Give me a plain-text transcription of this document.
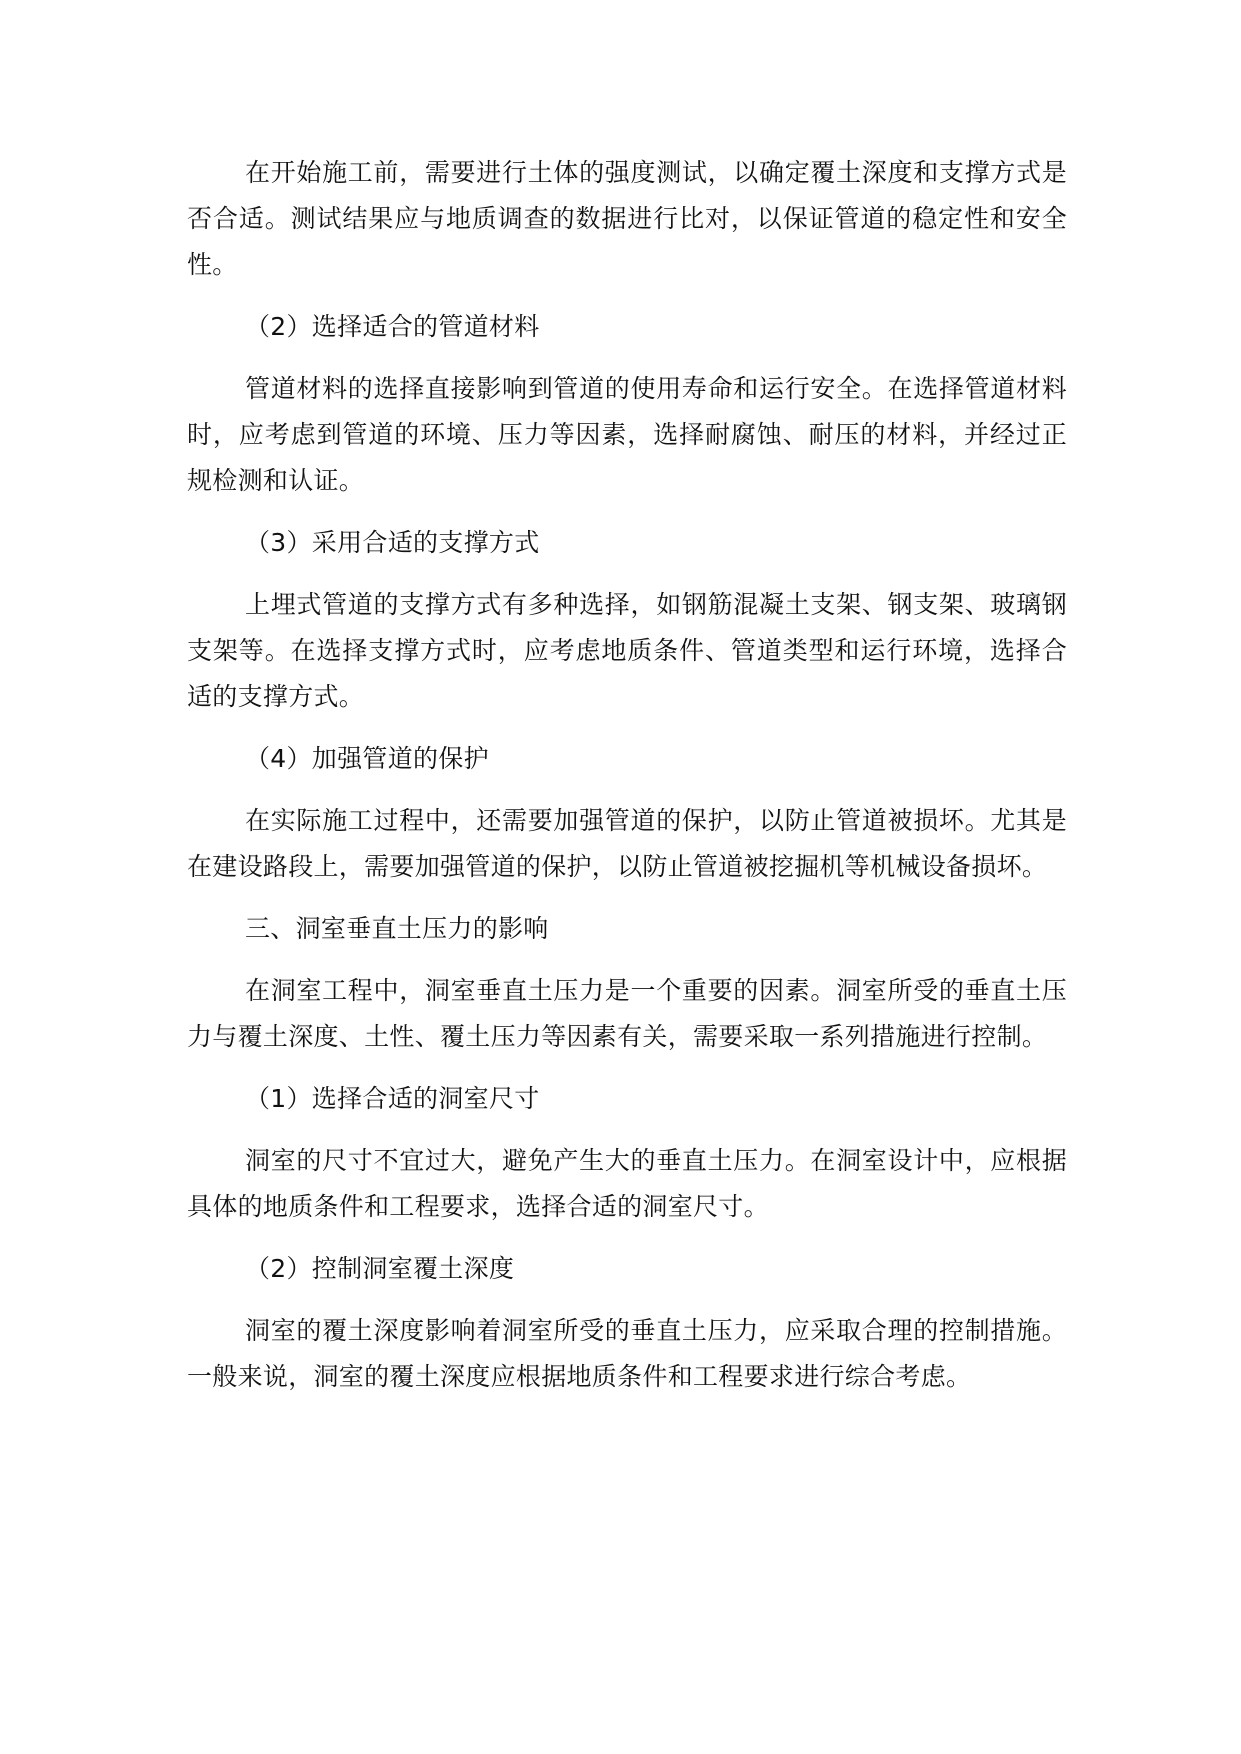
在开始施工前，需要进行土体的强度测试，以确定覆土深度和支撑方式是否合适。测试结果应与地质调查的数据进行比对，以保证管道的稳定性和安全性。

（2）选择适合的管道材料

管道材料的选择直接影响到管道的使用寿命和运行安全。在选择管道材料时，应考虑到管道的环境、压力等因素，选择耐腐蚀、耐压的材料，并经过正规检测和认证。

（3）采用合适的支撑方式

上埋式管道的支撑方式有多种选择，如钢筋混凝土支架、钢支架、玻璃钢支架等。在选择支撑方式时，应考虑地质条件、管道类型和运行环境，选择合适的支撑方式。

（4）加强管道的保护

在实际施工过程中，还需要加强管道的保护，以防止管道被损坏。尤其是在建设路段上，需要加强管道的保护，以防止管道被挖掘机等机械设备损坏。

三、洞室垂直土压力的影响

在洞室工程中，洞室垂直土压力是一个重要的因素。洞室所受的垂直土压力与覆土深度、土性、覆土压力等因素有关，需要采取一系列措施进行控制。

（1）选择合适的洞室尺寸

洞室的尺寸不宜过大，避免产生大的垂直土压力。在洞室设计中，应根据具体的地质条件和工程要求，选择合适的洞室尺寸。

（2）控制洞室覆土深度

洞室的覆土深度影响着洞室所受的垂直土压力，应采取合理的控制措施。一般来说，洞室的覆土深度应根据地质条件和工程要求进行综合考虑。
